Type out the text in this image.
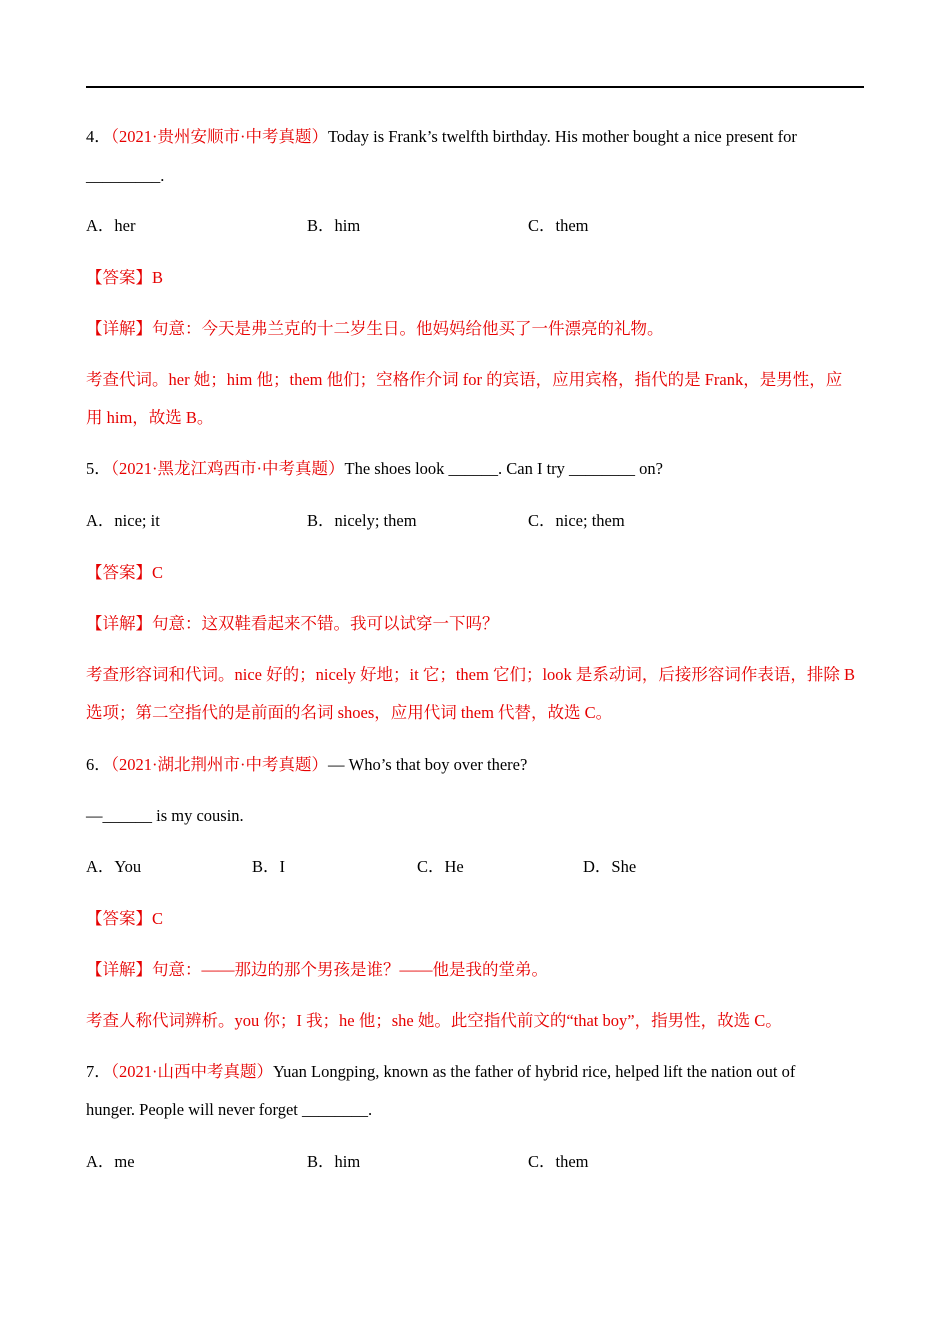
4．（2021·贵州安顺市·中考真题）Today is Frank’s twelfth birthday. His mother bought a nice present for
_________.
A．her	B．him	C．them
【答案】B
【详解】句意：今天是弗兰克的十二岁生日。他妈妈给他买了一件漂亮的礼物。
考查代词。her 她；him 他；them 他们；空格作介词 for 的宾语，应用宾格，指代的是 Frank，是男性，应
用 him，故选 B。
5．（2021·黑龙江鸡西市·中考真题）The shoes look ______. Can I try ________ on?
A．nice; it	B．nicely; them	C．nice; them
【答案】C
【详解】句意：这双鞋看起来不错。我可以试穿一下吗？
考查形容词和代词。nice 好的；nicely 好地；it 它；them 它们；look 是系动词，后接形容词作表语，排除 B
选项；第二空指代的是前面的名词 shoes，应用代词 them 代替，故选 C。
6．（2021·湖北荆州市·中考真题）— Who’s that boy over there?
—______ is my cousin.
A．You	B．I	C．He	D．She
【答案】C
【详解】句意：——那边的那个男孩是谁？——他是我的堂弟。
考查人称代词辨析。you 你；I 我；he 他；she 她。此空指代前文的“that boy”，指男性，故选 C。
7．（2021·山西中考真题）Yuan Longping, known as the father of hybrid rice, helped lift the nation out of
hunger. People will never forget ________.
A．me	B．him	C．them
